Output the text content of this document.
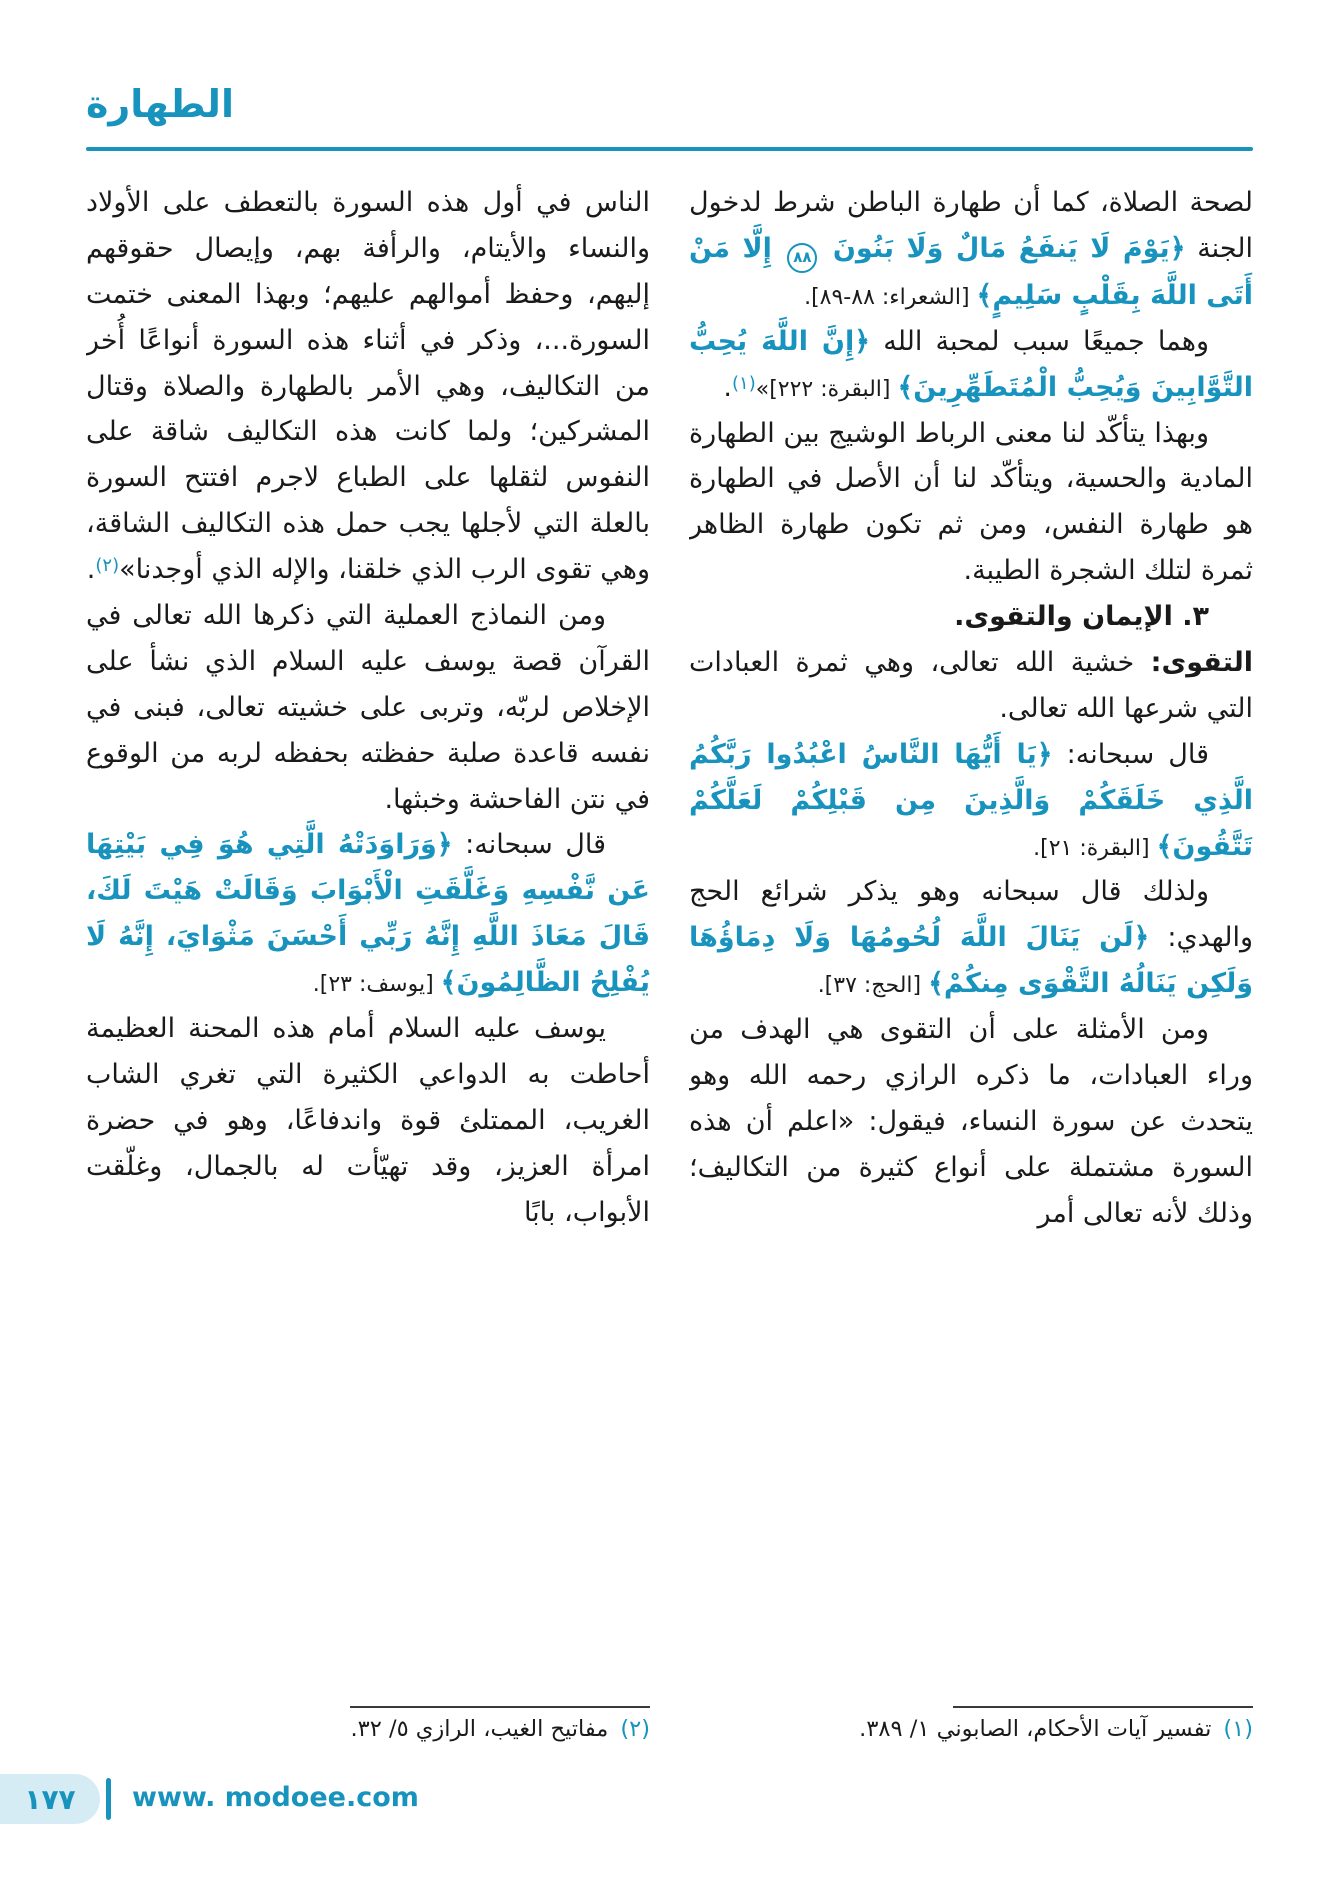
الطهارة

لصحة الصلاة، كما أن طهارة الباطن شرط لدخول الجنة ﴿يَوْمَ لَا يَنفَعُ مَالٌ وَلَا بَنُونَ ٨٨ إِلَّا مَنْ أَتَى اللَّهَ بِقَلْبٍ سَلِيمٍ﴾ [الشعراء: ٨٨-٨٩].

وهما جميعًا سبب لمحبة الله ﴿إِنَّ اللَّهَ يُحِبُّ التَّوَّابِينَ وَيُحِبُّ الْمُتَطَهِّرِينَ﴾ [البقرة: ٢٢٢]»$^{(١)}$.

وبهذا يتأكّد لنا معنى الرباط الوشيج بين الطهارة المادية والحسية، ويتأكّد لنا أن الأصل في الطهارة هو طهارة النفس، ومن ثم تكون طهارة الظاهر ثمرة لتلك الشجرة الطيبة.

٣. الإيمان والتقوى.

التقوى: خشية الله تعالى، وهي ثمرة العبادات التي شرعها الله تعالى.

قال سبحانه: ﴿يَا أَيُّهَا النَّاسُ اعْبُدُوا رَبَّكُمُ الَّذِي خَلَقَكُمْ وَالَّذِينَ مِن قَبْلِكُمْ لَعَلَّكُمْ تَتَّقُونَ﴾ [البقرة: ٢١].

ولذلك قال سبحانه وهو يذكر شرائع الحج والهدي: ﴿لَن يَنَالَ اللَّهَ لُحُومُهَا وَلَا دِمَاؤُهَا وَلَكِن يَنَالُهُ التَّقْوَى مِنكُمْ﴾ [الحج: ٣٧].

ومن الأمثلة على أن التقوى هي الهدف من وراء العبادات، ما ذكره الرازي رحمه الله وهو يتحدث عن سورة النساء، فيقول: «اعلم أن هذه السورة مشتملة على أنواع كثيرة من التكاليف؛ وذلك لأنه تعالى أمر

الناس في أول هذه السورة بالتعطف على الأولاد والنساء والأيتام، والرأفة بهم، وإيصال حقوقهم إليهم، وحفظ أموالهم عليهم؛ وبهذا المعنى ختمت السورة...، وذكر في أثناء هذه السورة أنواعًا أُخر من التكاليف، وهي الأمر بالطهارة والصلاة وقتال المشركين؛ ولما كانت هذه التكاليف شاقة على النفوس لثقلها على الطباع لاجرم افتتح السورة بالعلة التي لأجلها يجب حمل هذه التكاليف الشاقة، وهي تقوى الرب الذي خلقنا، والإله الذي أوجدنا»$^{(٢)}$.

ومن النماذج العملية التي ذكرها الله تعالى في القرآن قصة يوسف عليه السلام الذي نشأ على الإخلاص لربّه، وتربى على خشيته تعالى، فبنى في نفسه قاعدة صلبة حفظته بحفظه لربه من الوقوع في نتن الفاحشة وخبثها.

قال سبحانه: ﴿وَرَاوَدَتْهُ الَّتِي هُوَ فِي بَيْتِهَا عَن نَّفْسِهِ وَغَلَّقَتِ الْأَبْوَابَ وَقَالَتْ هَيْتَ لَكَ، قَالَ مَعَاذَ اللَّهِ إِنَّهُ رَبِّي أَحْسَنَ مَثْوَايَ، إِنَّهُ لَا يُفْلِحُ الظَّالِمُونَ﴾ [يوسف: ٢٣].

يوسف عليه السلام أمام هذه المحنة العظيمة أحاطت به الدواعي الكثيرة التي تغري الشاب الغريب، الممتلئ قوة واندفاعًا، وهو في حضرة امرأة العزيز، وقد تهيّأت له بالجمال، وغلّقت الأبواب، بابًا

(١)تفسير آيات الأحكام، الصابوني ١/ ٣٨٩.
(٢)مفاتيح الغيب، الرازي ٥/ ٣٢.
١٧٧ www. modoee.com
